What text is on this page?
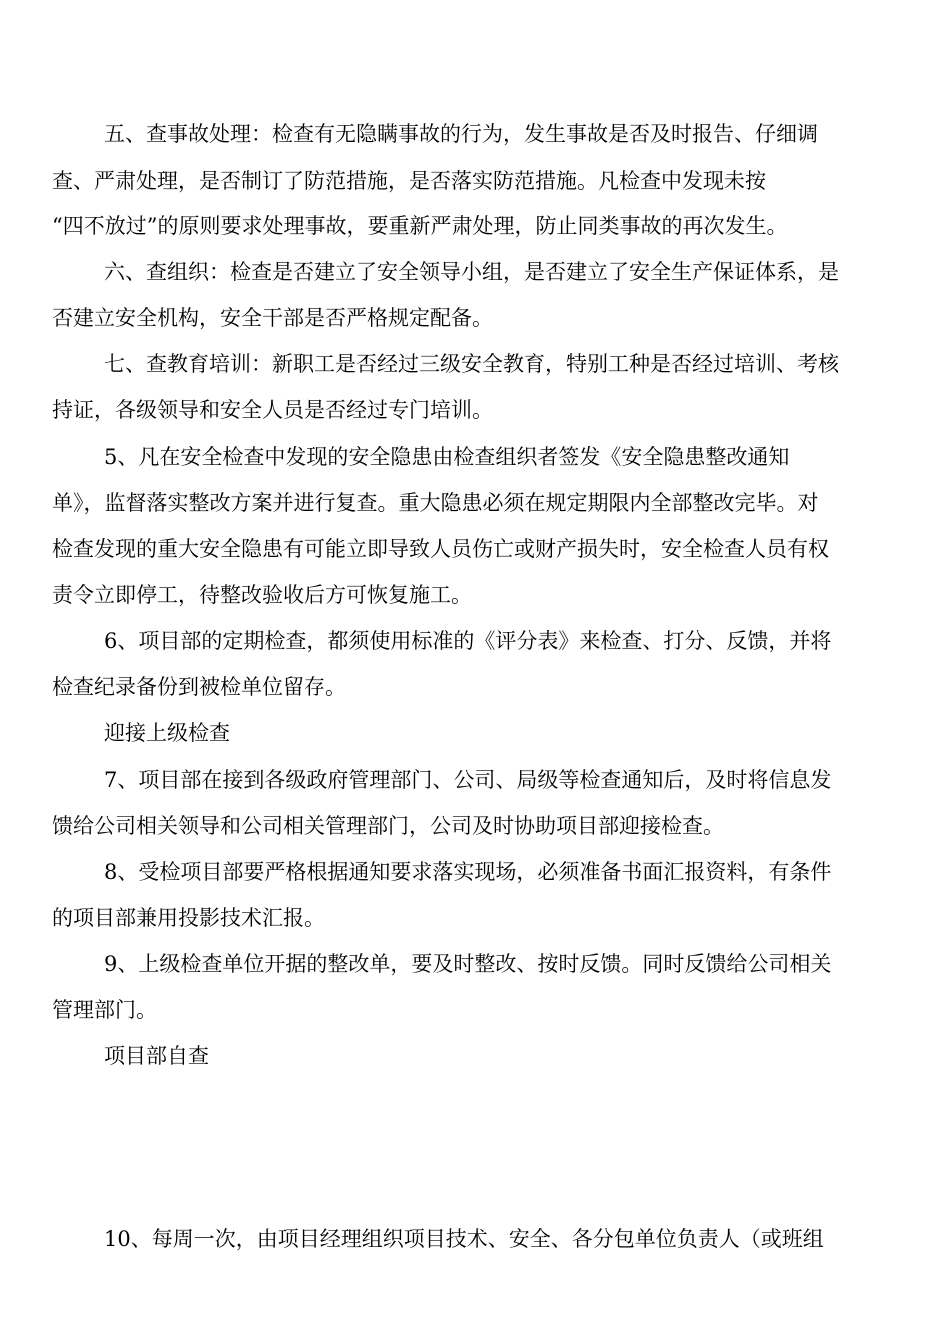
五、查事故处理：检查有无隐瞒事故的行为，发生事故是否及时报告、仔细调
查、严肃处理，是否制订了防范措施，是否落实防范措施。凡检查中发现未按
“四不放过”的原则要求处理事故，要重新严肃处理，防止同类事故的再次发生。
六、查组织：检查是否建立了安全领导小组，是否建立了安全生产保证体系，是
否建立安全机构，安全干部是否严格规定配备。
七、查教育培训：新职工是否经过三级安全教育，特别工种是否经过培训、考核
持证，各级领导和安全人员是否经过专门培训。
5、凡在安全检查中发现的安全隐患由检查组织者签发《安全隐患整改通知
单》，监督落实整改方案并进行复查。重大隐患必须在规定期限内全部整改完毕。对
检查发现的重大安全隐患有可能立即导致人员伤亡或财产损失时，安全检查人员有权
责令立即停工，待整改验收后方可恢复施工。
6、项目部的定期检查，都须使用标准的《评分表》来检查、打分、反馈，并将
检查纪录备份到被检单位留存。
迎接上级检查
7、项目部在接到各级政府管理部门、公司、局级等检查通知后，及时将信息发
馈给公司相关领导和公司相关管理部门，公司及时协助项目部迎接检查。
8、受检项目部要严格根据通知要求落实现场，必须准备书面汇报资料，有条件
的项目部兼用投影技术汇报。
9、上级检查单位开据的整改单，要及时整改、按时反馈。同时反馈给公司相关
管理部门。
项目部自查
10、每周一次，由项目经理组织项目技术、安全、各分包单位负责人（或班组
